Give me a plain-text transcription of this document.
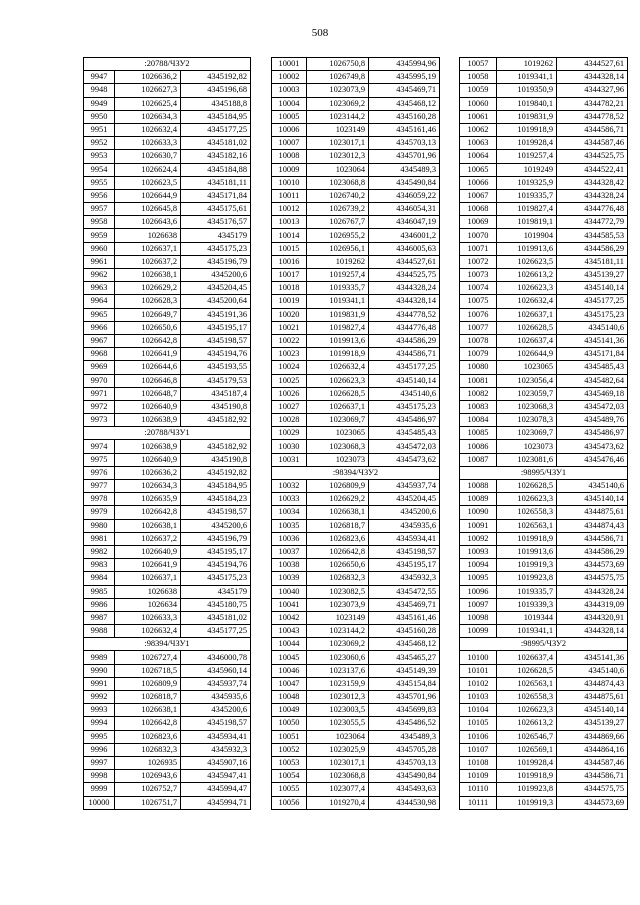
508
:20788/ЧЗУ2		
9947	1026636,2	4345192,82
9948	1026627,3	4345196,68
9949	1026625,4	4345188,8
9950	1026634,3	4345184,95
9951	1026632,4	4345177,25
9952	1026633,3	4345181,02
9953	1026630,7	4345182,16
9954	1026624,4	4345184,88
9955	1026623,5	4345181,11
9956	1026644,9	4345171,84
9957	1026645,8	4345175,61
9958	1026643,6	4345176,57
9959	1026638	4345179
9960	1026637,1	4345175,23
9961	1026637,2	4345196,79
9962	1026638,1	4345200,6
9963	1026629,2	4345204,45
9964	1026628,3	4345200,64
9965	1026649,7	4345191,36
9966	1026650,6	4345195,17
9967	1026642,8	4345198,57
9968	1026641,9	4345194,76
9969	1026644,6	4345193,55
9970	1026646,8	4345179,53
9971	1026648,7	4345187,4
9972	1026640,9	4345190,8
9973	1026638,9	4345182,92
:20788/ЧЗУ1		
9974	1026638,9	4345182,92
9975	1026640,9	4345190,8
9976	1026636,2	4345192,82
9977	1026634,3	4345184,95
9978	1026635,9	4345184,23
9979	1026642,8	4345198,57
9980	1026638,1	4345200,6
9981	1026637,2	4345196,79
9982	1026640,9	4345195,17
9983	1026641,9	4345194,76
9984	1026637,1	4345175,23
9985	1026638	4345179
9986	1026634	4345180,75
9987	1026633,3	4345181,02
9988	1026632,4	4345177,25
:98394/ЧЗУ1		
9989	1026727,4	4346000,78
9990	1026718,5	4345960,14
9991	1026809,9	4345937,74
9992	1026818,7	4345935,6
9993	1026638,1	4345200,6
9994	1026642,8	4345198,57
9995	1026823,6	4345934,41
9996	1026832,3	4345932,3
9997	1026935	4345907,16
9998	1026943,6	4345947,41
9999	1026752,7	4345994,47
10000	1026751,7	4345994,71
10001	1026750,8	4345994,96
10002	1026749,8	4345995,19
10003	1023073,9	4345469,71
10004	1023069,2	4345468,12
10005	1023144,2	4345160,28
10006	1023149	4345161,46
10007	1023017,1	4345703,13
10008	1023012,3	4345701,96
10009	1023064	4345489,3
10010	1023068,8	4345490,84
10011	1026740,2	4346059,22
10012	1026739,2	4346054,31
10013	1026767,7	4346047,19
10014	1026955,2	4346001,2
10015	1026956,1	4346005,63
10016	1019262	4344527,61
10017	1019257,4	4344525,75
10018	1019335,7	4344328,24
10019	1019341,1	4344328,14
10020	1019831,9	4344778,52
10021	1019827,4	4344776,48
10022	1019913,6	4344586,29
10023	1019918,9	4344586,71
10024	1026632,4	4345177,25
10025	1026623,3	4345140,14
10026	1026628,5	4345140,6
10027	1026637,1	4345175,23
10028	1023069,7	4345486,97
10029	1023065	4345485,43
10030	1023068,3	4345472,03
10031	1023073	4345473,62
:98394/ЧЗУ2		
10032	1026809,9	4345937,74
10033	1026629,2	4345204,45
10034	1026638,1	4345200,6
10035	1026818,7	4345935,6
10036	1026823,6	4345934,41
10037	1026642,8	4345198,57
10038	1026650,6	4345195,17
10039	1026832,3	4345932,3
10040	1023082,5	4345472,55
10041	1023073,9	4345469,71
10042	1023149	4345161,46
10043	1023144,2	4345160,28
10044	1023069,2	4345468,12
10045	1023060,6	4345465,27
10046	1023137,6	4345149,39
10047	1023159,9	4345154,84
10048	1023012,3	4345701,96
10049	1023003,5	4345699,83
10050	1023055,5	4345486,52
10051	1023064	4345489,3
10052	1023025,9	4345705,28
10053	1023017,1	4345703,13
10054	1023068,8	4345490,84
10055	1023077,4	4345493,63
10056	1019270,4	4344530,98
10057	1019262	4344527,61
10058	1019341,1	4344328,14
10059	1019350,9	4344327,96
10060	1019840,1	4344782,21
10061	1019831,9	4344778,52
10062	1019918,9	4344586,71
10063	1019928,4	4344587,46
10064	1019257,4	4344525,75
10065	1019249	4344522,41
10066	1019325,9	4344328,42
10067	1019335,7	4344328,24
10068	1019827,4	4344776,48
10069	1019819,1	4344772,79
10070	1019904	4344585,53
10071	1019913,6	4344586,29
10072	1026623,5	4345181,11
10073	1026613,2	4345139,27
10074	1026623,3	4345140,14
10075	1026632,4	4345177,25
10076	1026637,1	4345175,23
10077	1026628,5	4345140,6
10078	1026637,4	4345141,36
10079	1026644,9	4345171,84
10080	1023065	4345485,43
10081	1023056,4	4345482,64
10082	1023059,7	4345469,18
10083	1023068,3	4345472,03
10084	1023078,3	4345489,76
10085	1023069,7	4345486,97
10086	1023073	4345473,62
10087	1023081,6	4345476,46
:98995/ЧЗУ1		
10088	1026628,5	4345140,6
10089	1026623,3	4345140,14
10090	1026558,3	4344875,61
10091	1026563,1	4344874,43
10092	1019918,9	4344586,71
10093	1019913,6	4344586,29
10094	1019919,3	4344573,69
10095	1019923,8	4344575,75
10096	1019335,7	4344328,24
10097	1019339,3	4344319,09
10098	1019344	4344320,91
10099	1019341,1	4344328,14
:98995/ЧЗУ2		
10100	1026637,4	4345141,36
10101	1026628,5	4345140,6
10102	1026563,1	4344874,43
10103	1026558,3	4344875,61
10104	1026623,3	4345140,14
10105	1026613,2	4345139,27
10106	1026546,7	4344869,66
10107	1026569,1	4344864,16
10108	1019928,4	4344587,46
10109	1019918,9	4344586,71
10110	1019923,8	4344575,75
10111	1019919,3	4344573,69
